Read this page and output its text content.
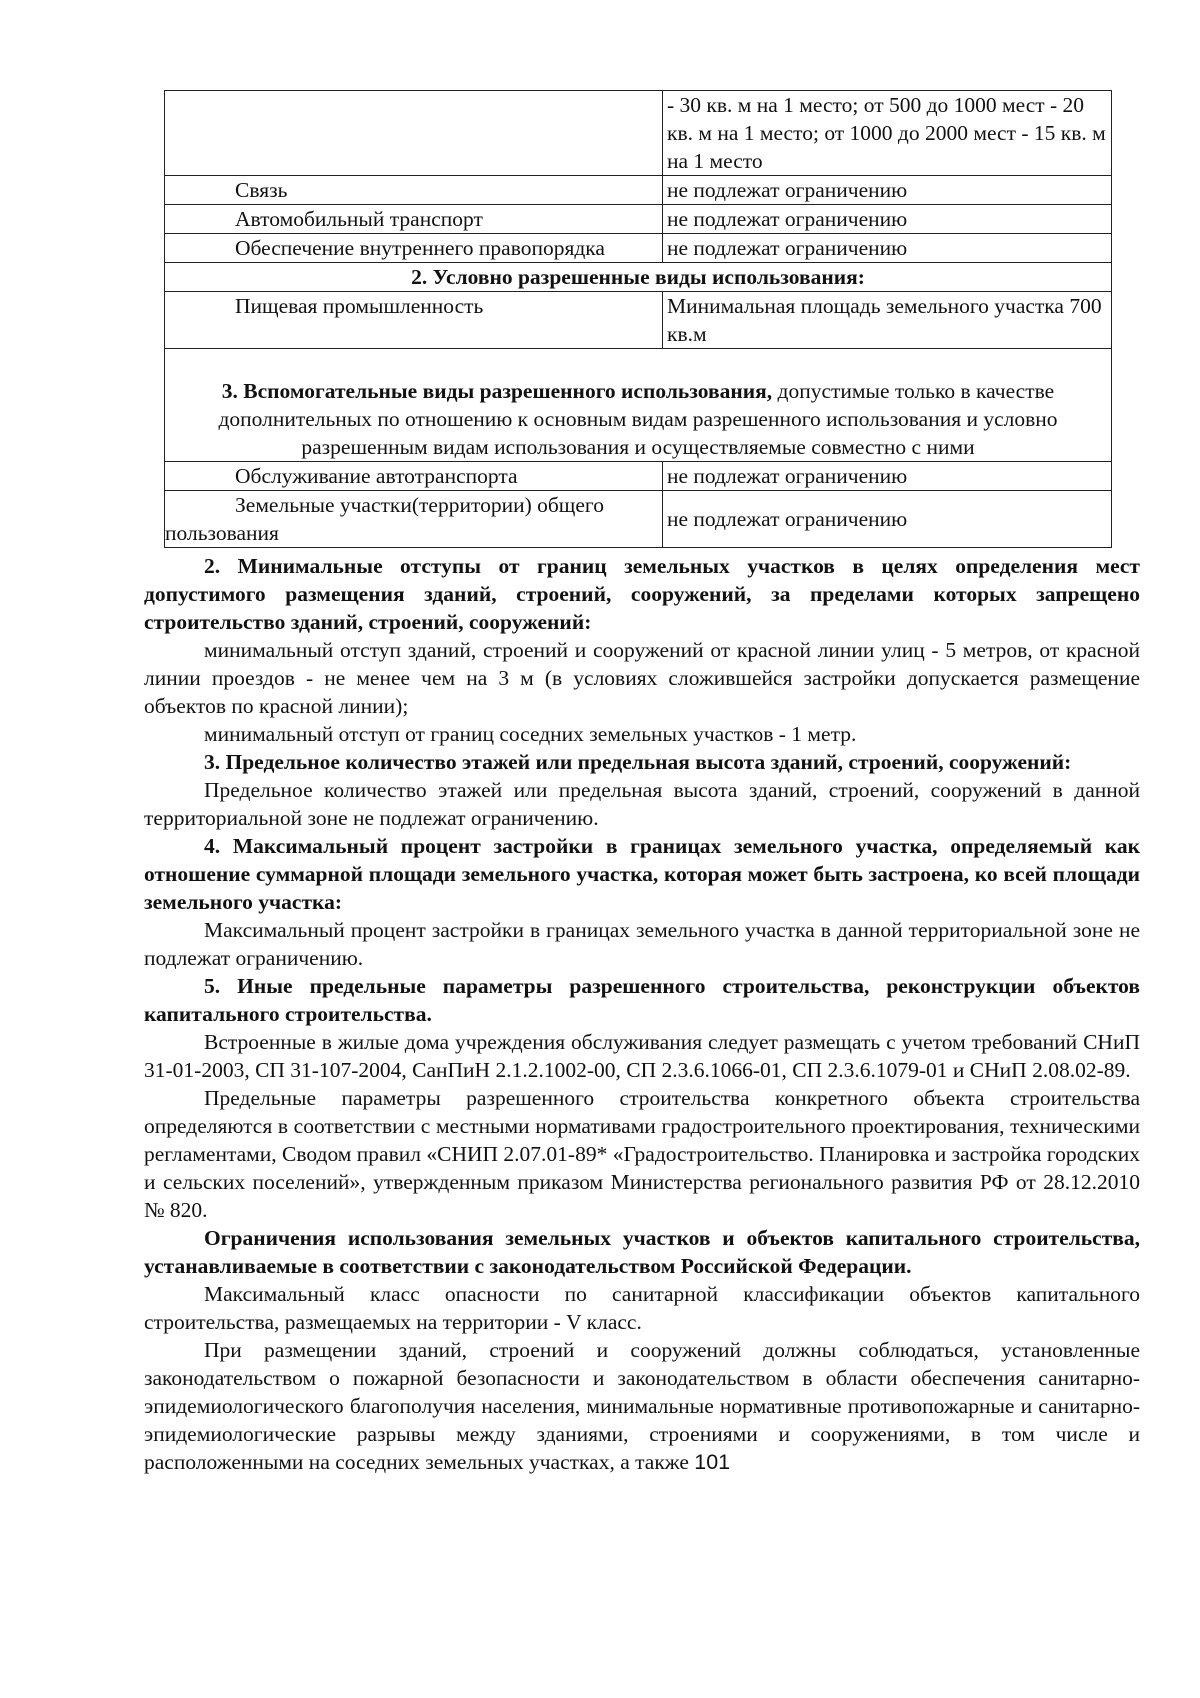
	- 30 кв. м на 1 место; от 500 до 1000 мест - 20 кв. м на 1 место; от 1000 до 2000 мест - 15 кв. м на 1 место
Связь	не подлежат ограничению
Автомобильный транспорт	не подлежат ограничению
Обеспечение внутреннего правопорядка	не подлежат ограничению
2. Условно разрешенные виды использования:	
Пищевая промышленность	Минимальная площадь земельного участка 700 кв.м
3. Вспомогательные виды разрешенного использования, допустимые только в качестве дополнительных по отношению к основным видам разрешенного использования и условно разрешенным видам использования и осуществляемые совместно с ними	
Обслуживание автотранспорта	не подлежат ограничению

Земельные участки(территории) общего
пользования	не подлежат ограничению

2. Минимальные отступы от границ земельных участков в целях определения мест допустимого размещения зданий, строений, сооружений, за пределами которых запрещено строительство зданий, строений, сооружений:

минимальный отступ зданий, строений и сооружений от красной линии улиц - 5 метров, от красной линии проездов - не менее чем на 3 м (в условиях сложившейся застройки допускается размещение объектов по красной линии);

минимальный отступ от границ соседних земельных участков - 1 метр.

3. Предельное количество этажей или предельная высота зданий, строений, сооружений:

Предельное количество этажей или предельная высота зданий, строений, сооружений в данной территориальной зоне не подлежат ограничению.

4. Максимальный процент застройки в границах земельного участка, определяемый как отношение суммарной площади земельного участка, которая может быть застроена, ко всей площади земельного участка:

Максимальный процент застройки в границах земельного участка в данной территориальной зоне не подлежат ограничению.

5. Иные предельные параметры разрешенного строительства, реконструкции объектов капитального строительства.

Встроенные в жилые дома учреждения обслуживания следует размещать с учетом требований СНиП 31-01-2003, СП 31-107-2004, СанПиН 2.1.2.1002-00, СП 2.3.6.1066-01, СП 2.3.6.1079-01 и СНиП 2.08.02-89.

Предельные параметры разрешенного строительства конкретного объекта строительства определяются в соответствии с местными нормативами градостроительного проектирования, техническими регламентами, Сводом правил «СНИП 2.07.01-89* «Градостроительство. Планировка и застройка городских и сельских поселений», утвержденным приказом Министерства регионального развития РФ от 28.12.2010 № 820.

Ограничения использования земельных участков и объектов капитального строительства, устанавливаемые в соответствии с законодательством Российской Федерации.

Максимальный класс опасности по санитарной классификации объектов капитального строительства, размещаемых на территории - V класс.

При размещении зданий, строений и сооружений должны соблюдаться, установленные законодательством о пожарной безопасности и законодательством в области обеспечения санитарно-эпидемиологического благополучия населения, минимальные нормативные противопожарные и санитарно-эпидемиологические разрывы между зданиями, строениями и сооружениями, в том числе и расположенными на соседних земельных участках, а также 101
